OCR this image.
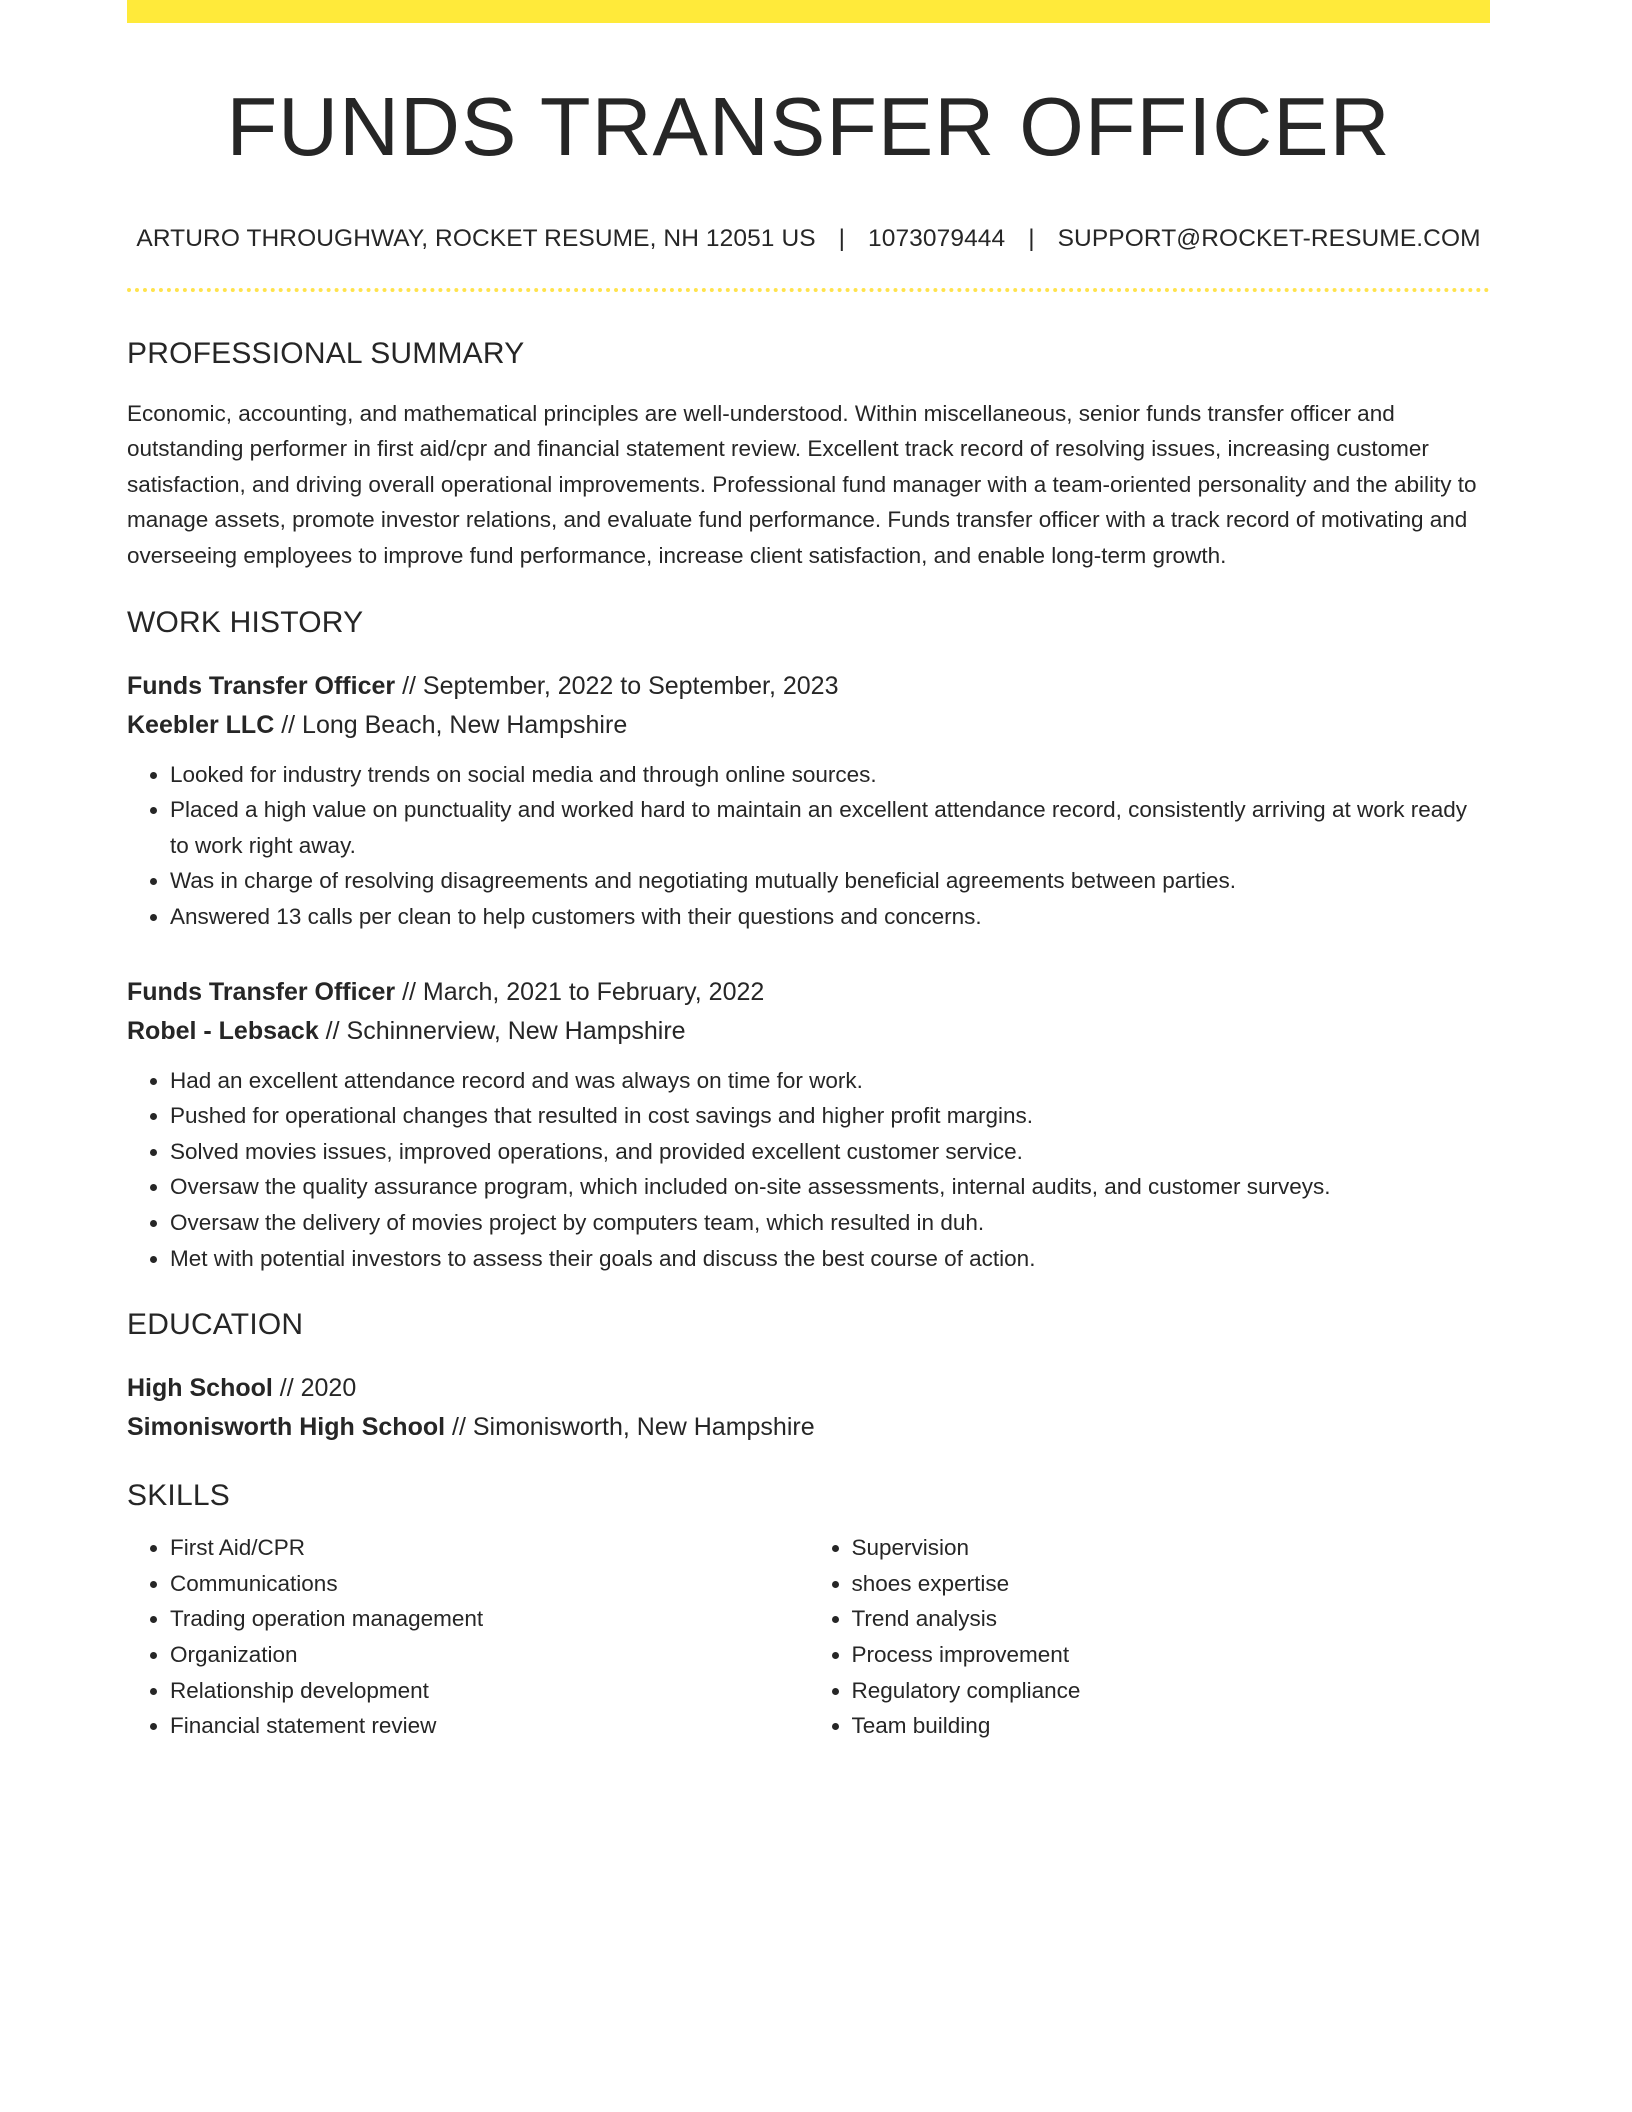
FUNDS TRANSFER OFFICER
ARTURO THROUGHWAY, ROCKET RESUME, NH 12051 US | 1073079444 | SUPPORT@ROCKET-RESUME.COM
PROFESSIONAL SUMMARY

Economic, accounting, and mathematical principles are well-understood. Within miscellaneous, senior funds transfer officer and outstanding performer in first aid/cpr and financial statement review. Excellent track record of resolving issues, increasing customer satisfaction, and driving overall operational improvements. Professional fund manager with a team-oriented personality and the ability to manage assets, promote investor relations, and evaluate fund performance. Funds transfer officer with a track record of motivating and overseeing employees to improve fund performance, increase client satisfaction, and enable long-term growth.

WORK HISTORY
Funds Transfer Officer // September, 2022 to September, 2023
Keebler LLC // Long Beach, New Hampshire
• Looked for industry trends on social media and through online sources.
• Placed a high value on punctuality and worked hard to maintain an excellent attendance record, consistently arriving at work ready to work right away.
• Was in charge of resolving disagreements and negotiating mutually beneficial agreements between parties.
• Answered 13 calls per clean to help customers with their questions and concerns.
Funds Transfer Officer // March, 2021 to February, 2022
Robel - Lebsack // Schinnerview, New Hampshire
• Had an excellent attendance record and was always on time for work.
• Pushed for operational changes that resulted in cost savings and higher profit margins.
• Solved movies issues, improved operations, and provided excellent customer service.
• Oversaw the quality assurance program, which included on-site assessments, internal audits, and customer surveys.
• Oversaw the delivery of movies project by computers team, which resulted in duh.
• Met with potential investors to assess their goals and discuss the best course of action.
EDUCATION
High School // 2020
Simonisworth High School // Simonisworth, New Hampshire
SKILLS
• First Aid/CPR
• Communications
• Trading operation management
• Organization
• Relationship development
• Financial statement review
• Supervision
• shoes expertise
• Trend analysis
• Process improvement
• Regulatory compliance
• Team building
